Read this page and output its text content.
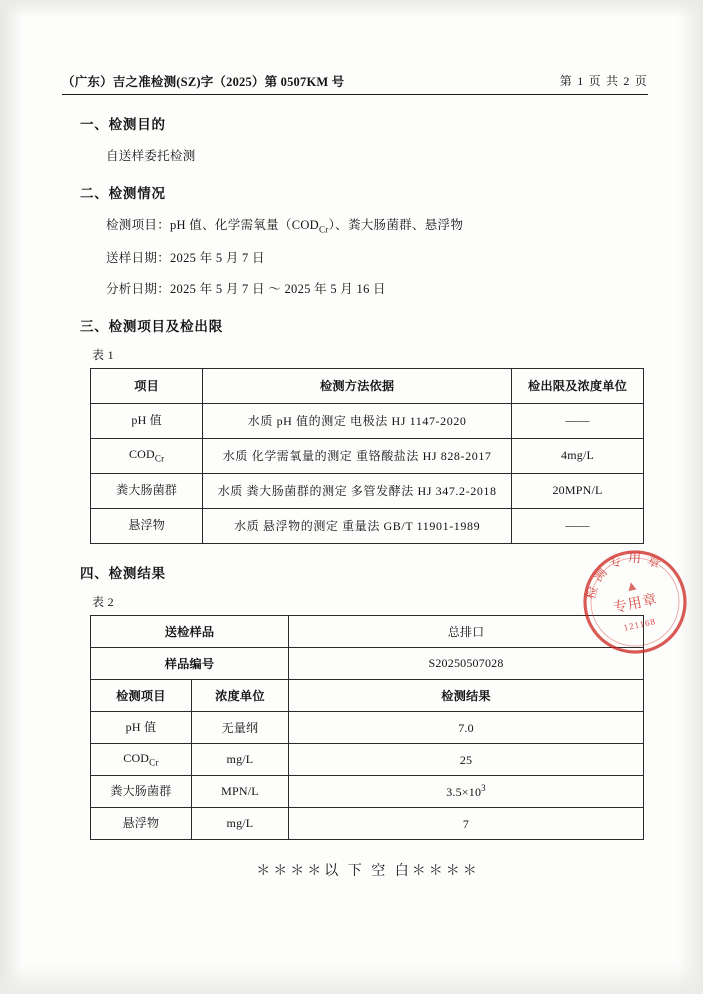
（广东）吉之准检测(SZ)字（2025）第 0507KM 号	第 1 页 共 2 页
一、检测目的
自送样委托检测
二、检测情况
检测项目：pH 值、化学需氧量$(COD_{Cr})$、粪大肠菌群、悬浮物
送样日期：2025 年 5 月 7 日
分析日期：2025 年 5 月 7 日 ～ 2025 年 5 月 16 日
三、检测项目及检出限
表 1
项目	检测方法依据	检出限及浓度单位
pH 值	水质 pH 值的测定 电极法 HJ 1147-2020	——
$COD_{Cr}$	水质 化学需氧量的测定 重铬酸盐法 HJ 828-2017	4mg/L
粪大肠菌群	水质 粪大肠菌群的测定 多管发酵法 HJ 347.2-2018	20MPN/L
悬浮物	水质 悬浮物的测定 重量法 GB/T 11901-1989	——
四、检测结果
表 2
送检样品		总排口
样品编号		S20250507028
检测项目	浓度单位	检测结果
pH 值	无量纲	7.0
$COD_{Cr}$	mg/L	25
粪大肠菌群	MPN/L	$3.5\times 10^3$
悬浮物	mg/L	7
＊＊＊＊以 下 空 白＊＊＊＊
检测专用章
专用章
121168
